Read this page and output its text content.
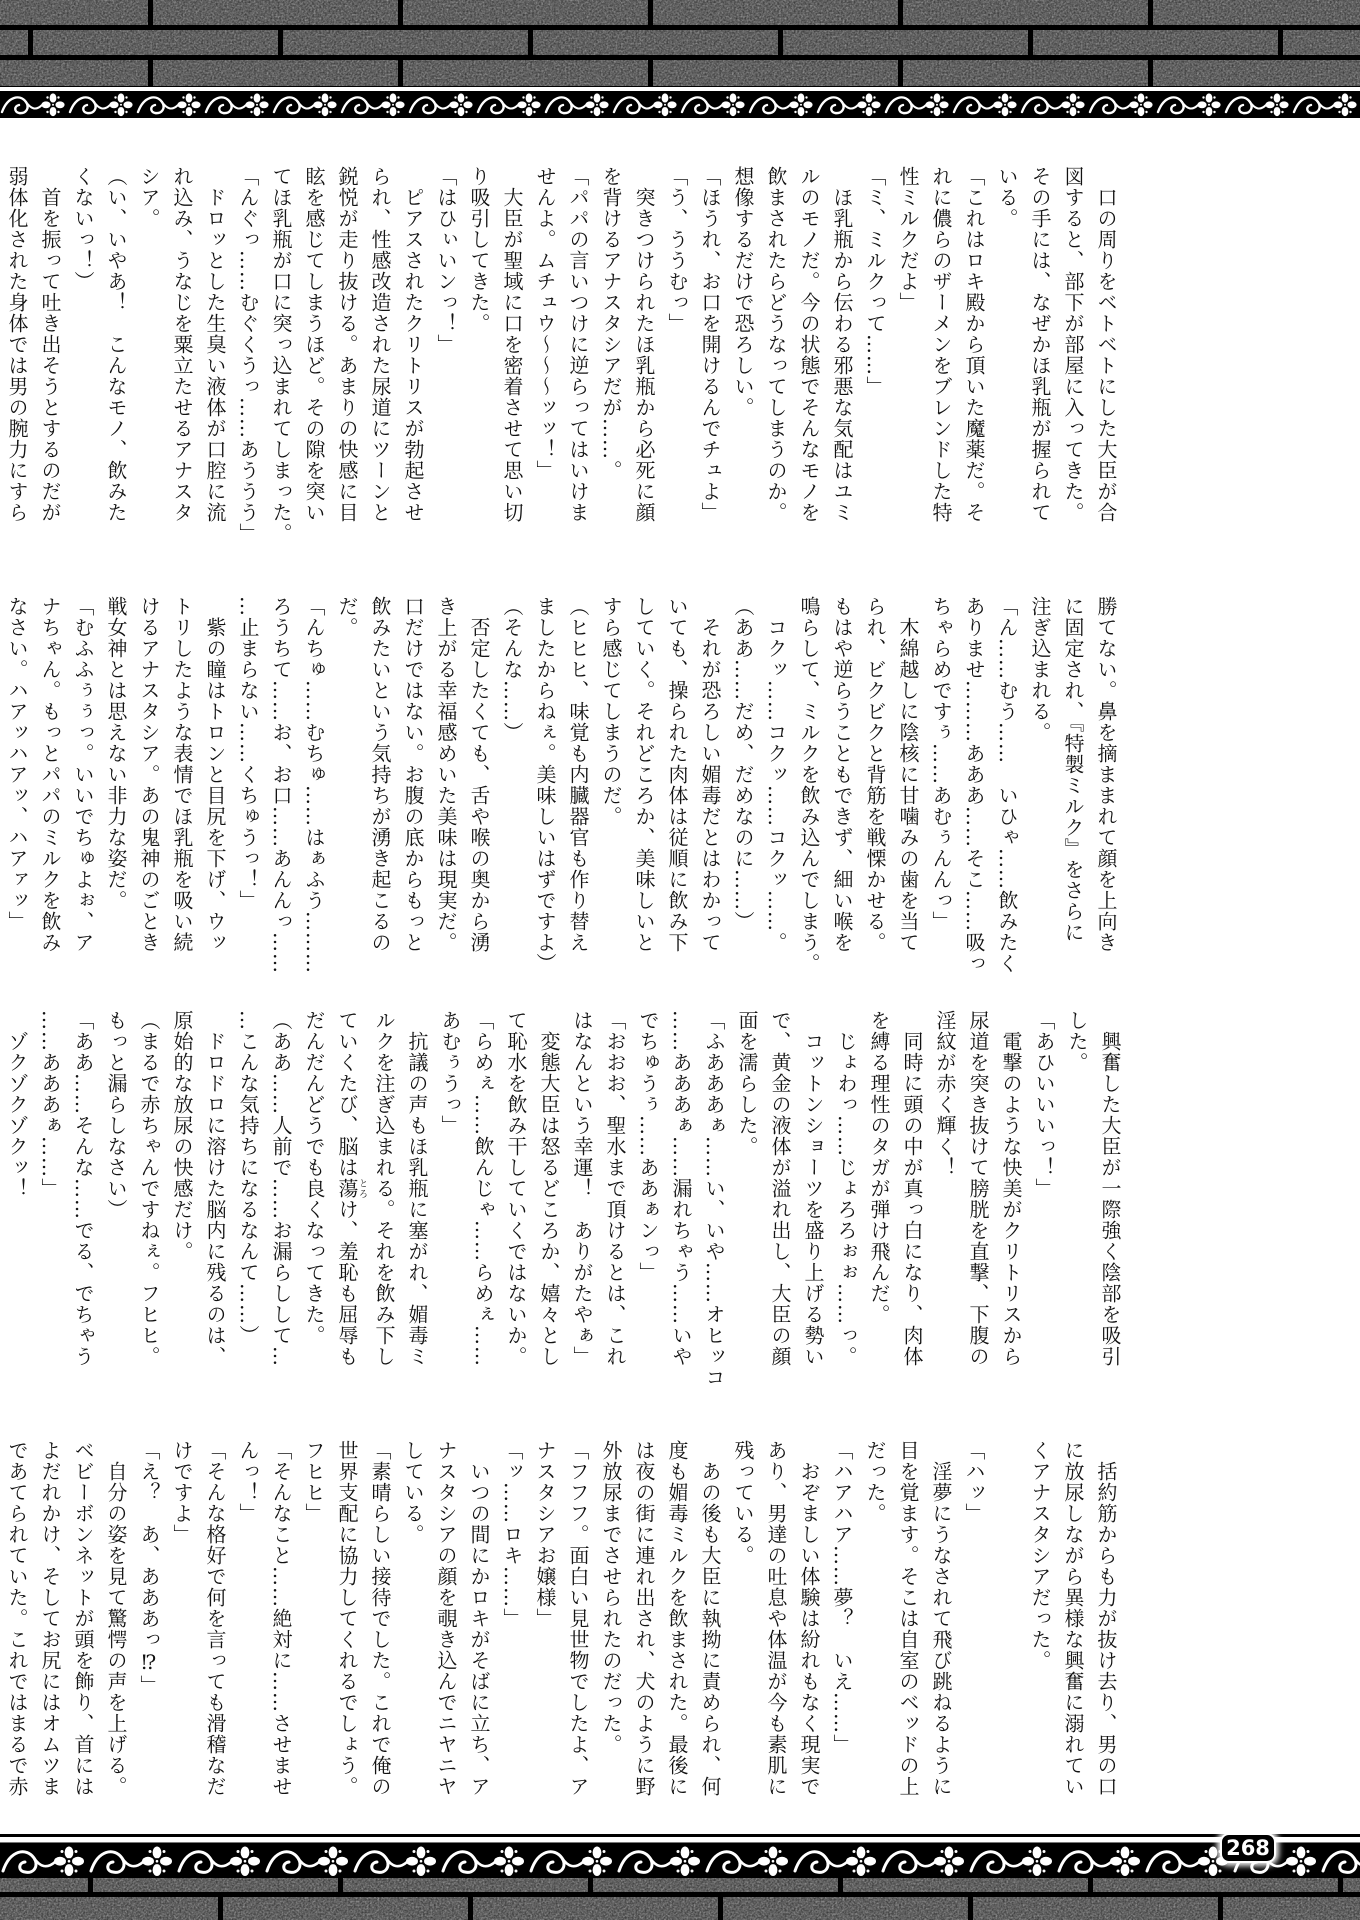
　口の周りをベトベトにした大臣が合
図すると、部下が部屋に入ってきた。
その手には、なぜかほ乳瓶が握られて
いる。
「これはロキ殿から頂いた魔薬だ。そ
れに儂らのザーメンをブレンドした特
性ミルクだよ」
「ミ、ミルクって……」
　ほ乳瓶から伝わる邪悪な気配はユミ
ルのモノだ。今の状態でそんなモノを
飲まされたらどうなってしまうのか。
想像するだけで恐ろしい。
「ほうれ、お口を開けるんでチュよ」
「う、ううむっ」
　突きつけられたほ乳瓶から必死に顔
を背けるアナスタシアだが……。
「パパの言いつけに逆らってはいけま
せんよ。ムチュウ〜〜〜ッッ！」
　大臣が聖域に口を密着させて思い切
り吸引してきた。
「はひぃいンっ！」
　ピアスされたクリトリスが勃起させ
られ、性感改造された尿道にツーンと
鋭悦が走り抜ける。あまりの快感に目
眩を感じてしまうほど。その隙を突い
てほ乳瓶が口に突っ込まれてしまった。
「んぐっ……むぐくうっ……あううう」
　ドロッとした生臭い液体が口腔に流
れ込み、うなじを粟立たせるアナスタ
シア。
（い、いやあ！　こんなモノ、飲みた
くないっ！）
　首を振って吐き出そうとするのだが
弱体化された身体では男の腕力にすら
勝てない。鼻を摘ままれて顔を上向き
に固定され、『特製ミルク』をさらに
注ぎ込まれる。
「ん……むう……　いひゃ……飲みたく
ありませ………あああ……そこ……吸っ
ちゃらめですぅ……あむぅんんっ」
　木綿越しに陰核に甘噛みの歯を当て
られ、ビクビクと背筋を戦慄かせる。
もはや逆らうこともできず、細い喉を
鳴らして、ミルクを飲み込んでしまう。
　コクッ……コクッ……コクッ……。
（ああ……だめ、だめなのに……）
　それが恐ろしい媚毒だとはわかって
いても、操られた肉体は従順に飲み下
していく。それどころか、美味しいと
すら感じてしまうのだ。
（ヒヒヒ、味覚も内臓器官も作り替え
ましたからねぇ。美味しいはずですよ）
（そんな……）
　否定したくても、舌や喉の奥から湧
き上がる幸福感めいた美味は現実だ。
口だけではない。お腹の底からもっと
飲みたいという気持ちが湧き起こるの
だ。
「んちゅ……むちゅ……はぁふう………
ろうちて……お、お口……あんんっ……
…止まらない……くちゅうっ！」
　紫の瞳はトロンと目尻を下げ、ウッ
トリしたような表情でほ乳瓶を吸い続
けるアナスタシア。あの鬼神のごとき
戦女神とは思えない非力な姿だ。
「むふふぅぅっ。いいでちゅよぉ、ア
ナちゃん。もっとパパのミルクを飲み
なさい。ハアッハアッ、ハアァッ」
　興奮した大臣が一際強く陰部を吸引
した。
「あひいいいっ！」
　電撃のような快美がクリトリスから
尿道を突き抜けて膀胱を直撃、下腹の
淫紋が赤く輝く！
　同時に頭の中が真っ白になり、肉体
を縛る理性のタガが弾け飛んだ。
　じょわっ……じょろろぉぉ……っ。
　コットンショーツを盛り上げる勢い
で、黄金の液体が溢れ出し、大臣の顔
面を濡らした。
「ふあああぁ……い、いや……オヒッコ
……あああぁ……漏れちゃう……いや
でちゅうぅ……ああぁンっ」
「おおお、聖水まで頂けるとは、これ
はなんという幸運！　ありがたやぁ」
　変態大臣は怒るどころか、嬉々とし
て恥水を飲み干していくではないか。
「らめぇ……飲んじゃ……らめぇ……
あむぅうっ」
　抗議の声もほ乳瓶に塞がれ、媚毒ミ
ルクを注ぎ込まれる。それを飲み下し
ていくたび、脳は蕩とろけ、羞恥も屈辱も
だんだんどうでも良くなってきた。
（ああ……人前で……お漏らしして…
…こんな気持ちになるなんて……）
　ドロドロに溶けた脳内に残るのは、
原始的な放尿の快感だけ。
（まるで赤ちゃんですねぇ。フヒヒ。
もっと漏らしなさい）
「ああ……そんな……でる、でちゃう
……あああぁ……」
　ゾクゾクゾクッ！
　括約筋からも力が抜け去り、男の口
に放尿しながら異様な興奮に溺れてい
くアナスタシアだった。

「ハッ」
　淫夢にうなされて飛び跳ねるように
目を覚ます。そこは自室のベッドの上
だった。
「ハアハア……夢？　いえ……」
　おぞましい体験は紛れもなく現実で
あり、男達の吐息や体温が今も素肌に
残っている。
　あの後も大臣に執拗に責められ、何
度も媚毒ミルクを飲まされた。最後に
は夜の街に連れ出され、犬のように野
外放尿までさせられたのだった。
「フフフ。面白い見世物でしたよ、ア
ナスタシアお嬢様」
「ッ……ロキ……」
　いつの間にかロキがそばに立ち、ア
ナスタシアの顔を覗き込んでニヤニヤ
している。
「素晴らしい接待でした。これで俺の
世界支配に協力してくれるでしょう。
フヒヒ」
「そんなこと……絶対に……させませ
んっ！」
「そんな格好で何を言っても滑稽なだ
けですよ」
「え？　あ、あああっ⁉」
　自分の姿を見て驚愕の声を上げる。
ベビーボンネットが頭を飾り、首には
よだれかけ、そしてお尻にはオムツま
であてられていた。これではまるで赤
268
